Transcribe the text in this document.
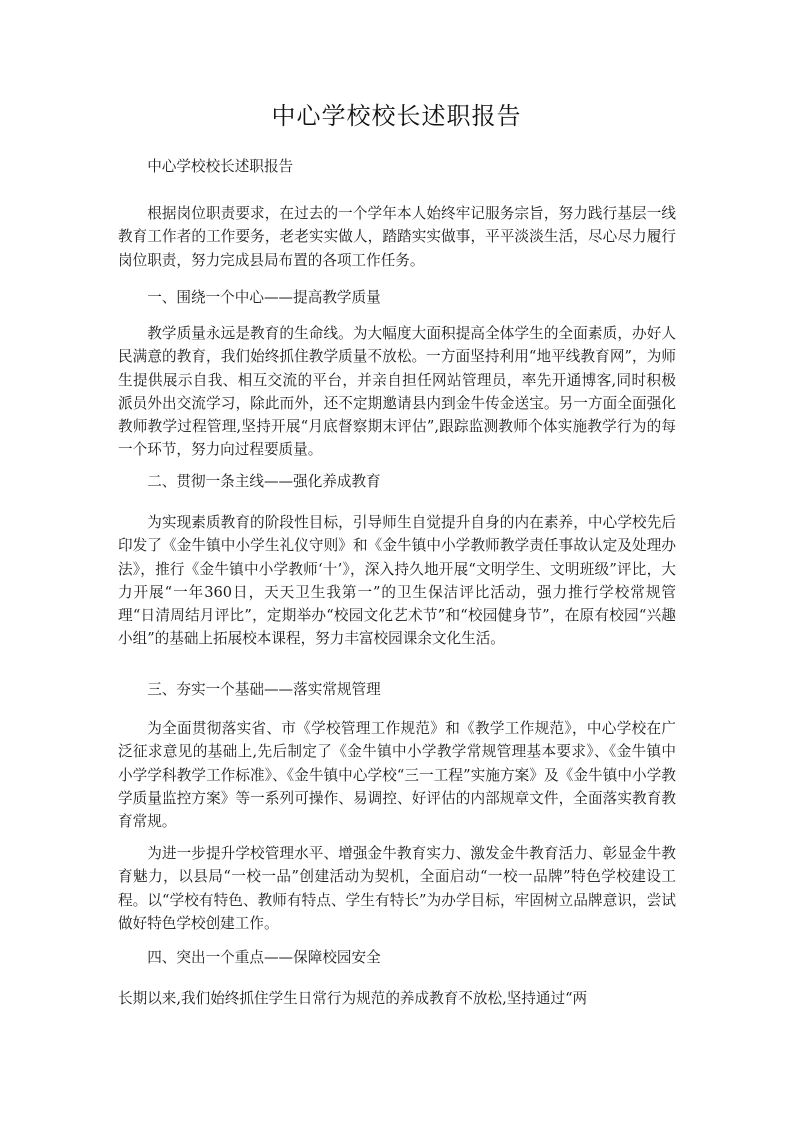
中心学校校长述职报告

中心学校校长述职报告

根据岗位职责要求，在过去的一个学年本人始终牢记服务宗旨，努力践行基层一线教育工作者的工作要务，老老实实做人，踏踏实实做事，平平淡淡生活，尽心尽力履行岗位职责，努力完成县局布置的各项工作任务。

一、围绕一个中心——提高教学质量

教学质量永远是教育的生命线。为大幅度大面积提高全体学生的全面素质，办好人民满意的教育，我们始终抓住教学质量不放松。一方面坚持利用“地平线教育网”，为师生提供展示自我、相互交流的平台，并亲自担任网站管理员，率先开通博客,同时积极派员外出交流学习，除此而外，还不定期邀请县内到金牛传金送宝。另一方面全面强化教师教学过程管理,坚持开展“月底督察期末评估”,跟踪监测教师个体实施教学行为的每一个环节，努力向过程要质量。

二、贯彻一条主线——强化养成教育

为实现素质教育的阶段性目标，引导师生自觉提升自身的内在素养，中心学校先后印发了《金牛镇中小学生礼仪守则》和《金牛镇中小学教师教学责任事故认定及处理办法》，推行《金牛镇中小学教师‘十’》，深入持久地开展“文明学生、文明班级”评比，大力开展“一年360日，天天卫生我第一”的卫生保洁评比活动，强力推行学校常规管理“日清周结月评比”，定期举办“校园文化艺术节”和“校园健身节”，在原有校园“兴趣小组”的基础上拓展校本课程，努力丰富校园课余文化生活。

三、夯实一个基础——落实常规管理

为全面贯彻落实省、市《学校管理工作规范》和《教学工作规范》，中心学校在广泛征求意见的基础上,先后制定了《金牛镇中小学教学常规管理基本要求》、《金牛镇中小学学科教学工作标准》、《金牛镇中心学校“三一工程”实施方案》及《金牛镇中小学教学质量监控方案》等一系列可操作、易调控、好评估的内部规章文件，全面落实教育教育常规。

为进一步提升学校管理水平、增强金牛教育实力、激发金牛教育活力、彰显金牛教育魅力，以县局“一校一品”创建活动为契机，全面启动“一校一品牌”特色学校建设工程。以“学校有特色、教师有特点、学生有特长”为办学目标，牢固树立品牌意识，尝试做好特色学校创建工作。

四、突出一个重点——保障校园安全

长期以来,我们始终抓住学生日常行为规范的养成教育不放松,坚持通过“两
